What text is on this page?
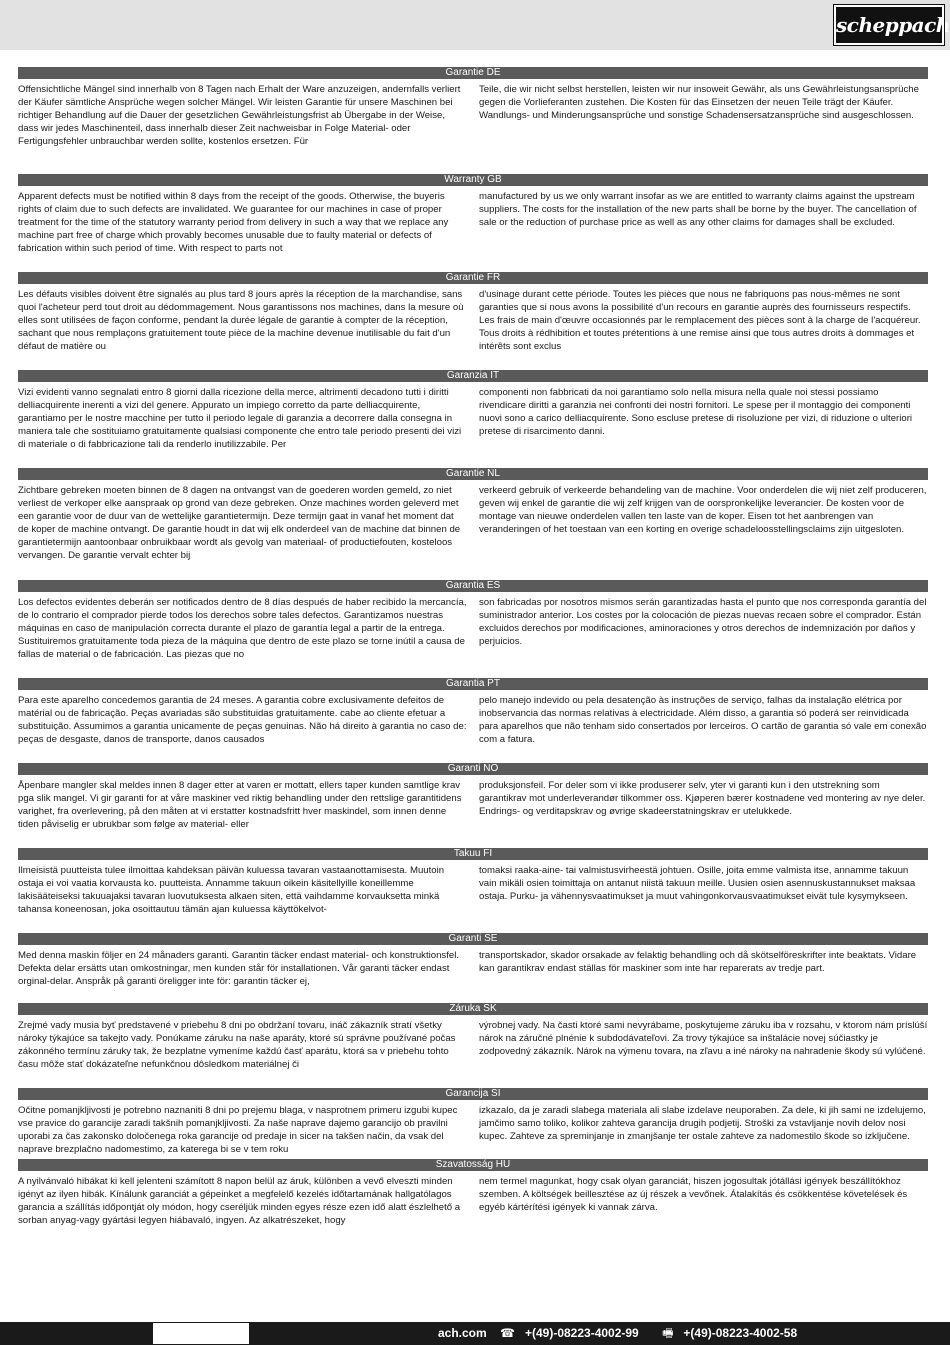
scheppach
Garantie DE

Offensichtliche Mängel sind innerhalb von 8 Tagen nach Erhalt der Ware anzuzeigen, andernfalls verliert der Käufer sämtliche Ansprüche wegen solcher Mängel. Wir leisten Garantie für unsere Maschinen bei richtiger Behandlung auf die Dauer der gesetzlichen Gewährleistungsfrist ab Übergabe in der Weise, dass wir jedes Maschinenteil, dass innerhalb dieser Zeit nachweisbar in Folge Material- oder Fertigungsfehler unbrauchbar werden sollte, kostenlos ersetzen. Für

Teile, die wir nicht selbst herstellen, leisten wir nur insoweit Gewähr, als uns Gewährleistungsansprüche gegen die Vorlieferanten zustehen. Die Kosten für das Einsetzen der neuen Teile trägt der Käufer. Wandlungs- und Minderungsansprüche und sonstige Schadensersatzansprüche sind ausgeschlossen.

Warranty GB

Apparent defects must be notified within 8 days from the receipt of the goods. Otherwise, the buyeris rights of claim due to such defects are invalidated. We guarantee for our machines in case of proper treatment for the time of the statutory warranty period from delivery in such a way that we replace any machine part free of charge which provably becomes unusable due to faulty material or defects of fabrication within such period of time. With respect to parts not

manufactured by us we only warrant insofar as we are entitled to warranty claims against the upstream suppliers. The costs for the installation of the new parts shall be borne by the buyer. The cancellation of sale or the reduction of purchase price as well as any other claims for damages shall be excluded.

Garantie FR

Les défauts visibles doivent être signalés au plus tard 8 jours après la réception de la marchandise, sans quoi l'acheteur perd tout droit au dédommagement. Nous garantissons nos machines, dans la mesure où elles sont utilisées de façon conforme, pendant la durée légale de garantie à compter de la réception, sachant que nous remplaçons gratuitement toute pièce de la machine devenue inutilisable du fait d'un défaut de matière ou

d'usinage durant cette période. Toutes les pièces que nous ne fabriquons pas nous-mêmes ne sont garanties que si nous avons la possibilité d'un recours en garantie auprès des fournisseurs respectifs. Les frais de main d'œuvre occasionnés par le remplacement des pièces sont à la charge de l'acquéreur. Tous droits à rédhibition et toutes prétentions à une remise ainsi que tous autres droits à dommages et intérêts sont exclus

Garanzia IT

Vizi evidenti vanno segnalati entro 8 giorni dalla ricezione della merce, altrimenti decadono tutti i diritti delliacquirente inerenti a vizi del genere. Appurato un impiego corretto da parte delliacquirente, garantiamo per le nostre macchine per tutto il periodo legale di garanzia a decorrere dalla consegna in maniera tale che sostituiamo gratuitamente qualsiasi componente che entro tale periodo presenti dei vizi di materiale o di fabbricazione tali da renderlo inutilizzabile. Per

componenti non fabbricati da noi garantiamo solo nella misura nella quale noi stessi possiamo rivendicare diritti a garanzia nei confronti dei nostri fornitori. Le spese per il montaggio dei componenti nuovi sono a carico delliacquirente. Sono escluse pretese di risoluzione per vizi, di riduzione o ulteriori pretese di risarcimento danni.

Garantie NL

Zichtbare gebreken moeten binnen de 8 dagen na ontvangst van de goederen worden gemeld, zo niet verliest de verkoper elke aanspraak op grond van deze gebreken. Onze machines worden geleverd met een garantie voor de duur van de wettelijke garantietermijn. Deze termijn gaat in vanaf het moment dat de koper de machine ontvangt. De garantie houdt in dat wij elk onderdeel van de machine dat binnen de garantietermijn aantoonbaar onbruikbaar wordt als gevolg van materiaal- of productiefouten, kosteloos vervangen. De garantie vervalt echter bij

verkeerd gebruik of verkeerde behandeling van de machine. Voor onderdelen die wij niet zelf produceren, geven wij enkel de garantie die wij zelf krijgen van de oorspronkelijke leverancier. De kosten voor de montage van nieuwe onderdelen vallen ten laste van de koper. Eisen tot het aanbrengen van veranderingen of het toestaan van een korting en overige schadeloosstellingsclaims zijn uitgesloten.

Garantia ES

Los defectos evidentes deberán ser notificados dentro de 8 días después de haber recibido la mercancía, de lo contrario el comprador pierde todos los derechos sobre tales defectos. Garantizamos nuestras máquinas en caso de manipulación correcta durante el plazo de garantía legal a partir de la entrega. Sustituiremos gratuitamente toda pieza de la máquina que dentro de este plazo se torne inútil a causa de fallas de material o de fabricación. Las piezas que no

son fabricadas por nosotros mismos serán garantizadas hasta el punto que nos corresponda garantía del suministrador anterior. Los costes por la colocación de piezas nuevas recaen sobre el comprador. Están excluidos derechos por modificaciones, aminoraciones y otros derechos de indemnización por daños y perjuicios.

Garantia PT

Para este aparelho concedemos garantia de 24 meses. A garantia cobre exclusivamente defeitos de matérial ou de fabricação. Peças avariadas são substituidas gratuitamente. cabe ao cliente efetuar a substituição. Assumimos a garantia unicamente de peças genuinas. Não há direito à garantia no caso de: peças de desgaste, danos de transporte, danos causados

pelo manejo indevido ou pela desatenção às instruções de serviço, falhas da instalação elétrica por inobservancia das normas relativas à electricidade. Além disso, a garantia só poderá ser reinvidicada para aparelhos que não tenham sido consertados por lerceiros. O cartão de garantia só vale em conexão com a fatura.

Garanti NO

Åpenbare mangler skal meldes innen 8 dager etter at varen er mottatt, ellers taper kunden samtlige krav pga slik mangel. Vi gir garanti for at våre maskiner ved riktig behandling under den rettslige garantitidens varighet, fra overlevering, på den måten at vi erstatter kostnadsfritt hver maskindel, som innen denne tiden påviselig er ubrukbar som følge av material- eller

produksjonsfeil. For deler som vi ikke produserer selv, yter vi garanti kun i den utstrekning som garantikrav mot underleverandør tilkommer oss. Kjøperen bærer kostnadene ved montering av nye deler. Endrings- og verditapskrav og øvrige skadeerstatningskrav er utelukkede.

Takuu FI

Ilmeisistä puutteista tulee ilmoittaa kahdeksan päivän kuluessa tavaran vastaanottamisesta. Muutoin ostaja ei voi vaatia korvausta ko. puutteista. Annamme takuun oikein käsitellyille koneillemme lakisääteiseksi takuuajaksi tavaran luovutuksesta alkaen siten, että vaihdamme korvauksetta minkä tahansa koneenosan, joka osoittautuu tämän ajan kuluessa käyttökelvot-

tomaksi raaka-aine- tai valmistusvirheestä johtuen. Osille, joita emme valmista itse, annamme takuun vain mikäli osien toimittaja on antanut niistä takuun meille. Uusien osien asennuskustannukset maksaa ostaja. Purku- ja vähennysvaatimukset ja muut vahingonkorvausvaatimukset eivät tule kysymykseen.

Garanti SE

Med denna maskin följer en 24 månaders garanti. Garantin täcker endast material- och konstruktionsfel. Defekta delar ersätts utan omkostningar, men kunden står för installationen. Vår garanti täcker endast orginal-delar. Anspråk på garanti öreligger inte för: garantin täcker ej,

transportskador, skador orsakade av felaktig behandling och då skötselföreskrifter inte beaktats. Vidare kan garantikrav endast ställas för maskiner som inte har reparerats av tredje part.

Záruka SK

Zrejmé vady musia byť predstavené v priebehu 8 dni po obdržaní tovaru, ináč zákazník stratí všetky nároky týkajúce sa takejto vady. Ponúkame záruku na naše aparáty, ktoré sú správne používané počas zákonného termínu záruky tak, že bezplatne vymeníme každú časť aparátu, ktorá sa v priebehu tohto času môže stať dokázateľne nefunkčnou dôsledkom materiálnej či

výrobnej vady. Na časti ktoré sami nevyrábame, poskytujeme záruku iba v rozsahu, v ktorom nám príslúší nárok na záručné plnénie k subdodávateľovi. Za trovy týkajúce sa inštalácie novej súčiastky je zodpovedný zákazník. Nárok na výmenu tovara, na zľavu a iné nároky na nahradenie škody sú vylúčené.

Garancija SI

Očitne pomanjkljivosti je potrebno naznaniti 8 dni po prejemu blaga, v nasprotnem primeru izgubi kupec vse pravice do garancije zaradi takšnih pomanjkljivosti. Za naše naprave dajemo garancijo ob pravilni uporabi za čas zakonsko določenega roka garancije od predaje in sicer na takšen način, da vsak del naprave brezplačno nadomestimo, za katerega bi se v tem roku

izkazalo, da je zaradi slabega materiala ali slabe izdelave neuporaben. Za dele, ki jih sami ne izdelujemo, jamčimo samo toliko, kolikor zahteva garancija drugih podjetij. Stroški za vstavljanje novih delov nosi kupec. Zahteve za spreminjanje in zmanjšanje ter ostale zahteve za nadomestilo škode so izključene.

Szavatosság HU

A nyilvánvaló hibákat ki kell jelenteni számított 8 napon belül az áruk, különben a vevő elveszti minden igényt az ilyen hibák. Kínálunk garanciát a gépeinket a megfelelő kezelés időtartamának hallgatólagos garancia a szállítás időpontját oly módon, hogy cseréljük minden egyes része ezen idő alatt észlelhető a sorban anyag-vagy gyártási legyen hiábavaló, ingyen. Az alkatrészeket, hogy

nem termel magunkat, hogy csak olyan garanciát, hiszen jogosultak jótállási igények beszállítókhoz szemben. A költségek beillesztése az új részek a vevőnek. Átalakítás és csökkentése követelések és egyéb kártérítési igények ki vannak zárva.

ach.com ☎ +(49)-08223-4002-99 🖷 +(49)-08223-4002-58
